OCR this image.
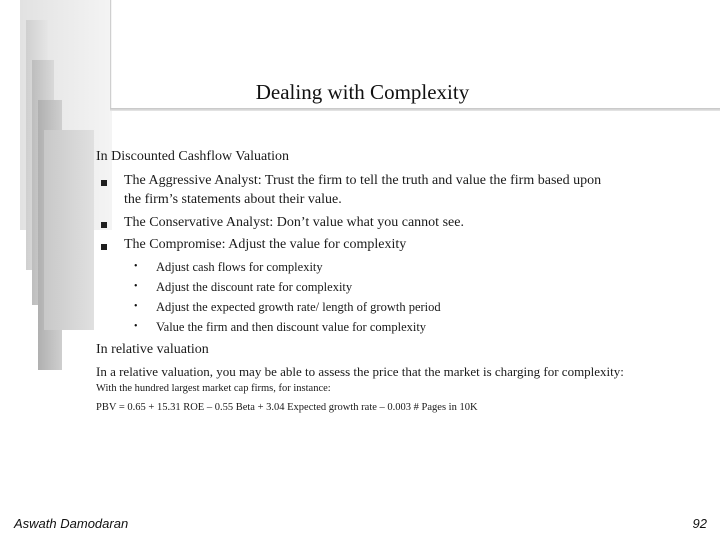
Dealing with Complexity
In Discounted Cashflow Valuation
The Aggressive Analyst: Trust the firm to tell the truth and value the firm based upon
the firm’s statements about their value.
The Conservative Analyst: Don’t value what you cannot see.
The Compromise: Adjust the value for complexity
• Adjust cash flows for complexity
• Adjust the discount rate for complexity
• Adjust the expected growth rate/ length of growth period
• Value the firm and then discount value for complexity
In relative valuation
In a relative valuation, you may be able to assess the price that the market is charging for complexity:
With the hundred largest market cap firms, for instance:
PBV = 0.65 + 15.31 ROE – 0.55 Beta + 3.04 Expected growth rate – 0.003 # Pages in 10K
Aswath Damodaran	92
